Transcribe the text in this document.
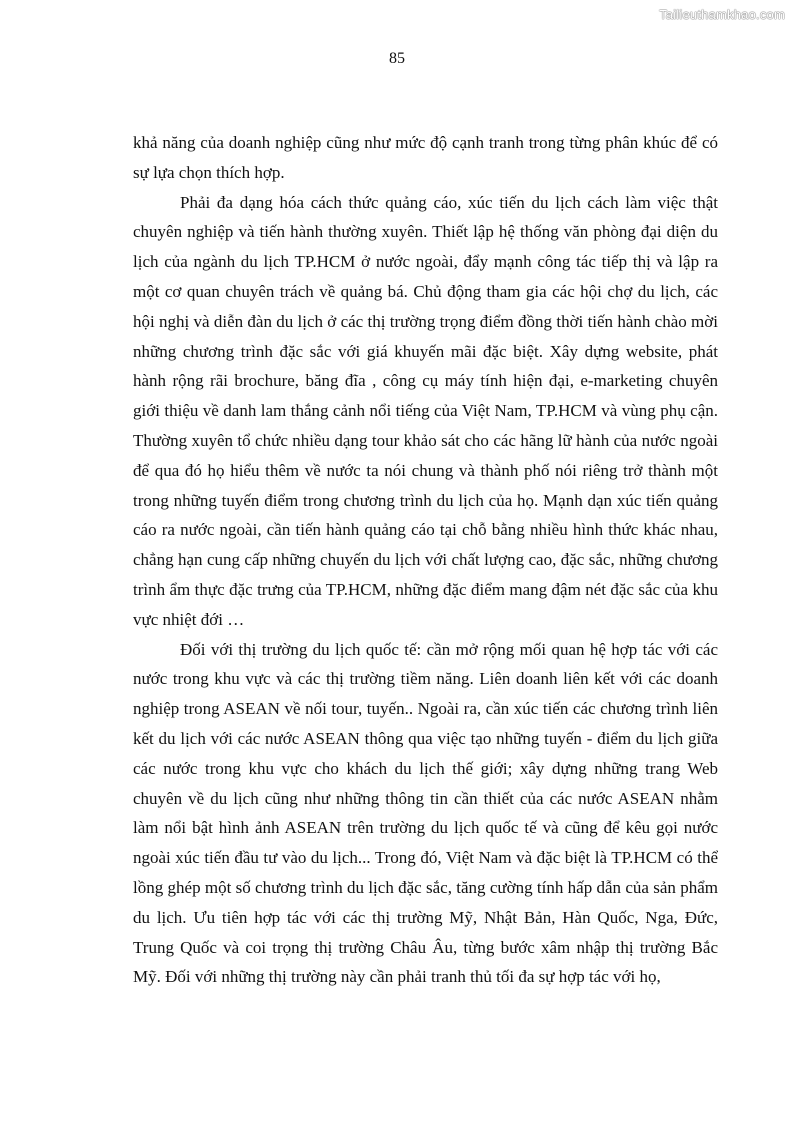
Tailieuthamkhao.com
85

khả năng của doanh nghiệp cũng như mức độ cạnh tranh trong từng phân khúc để có sự lựa chọn thích hợp.

Phải đa dạng hóa cách thức quảng cáo, xúc tiến du lịch cách làm việc thật chuyên nghiệp và tiến hành thường xuyên. Thiết lập hệ thống văn phòng đại diện du lịch của ngành du lịch TP.HCM ở nước ngoài, đẩy mạnh công tác tiếp thị và lập ra một cơ quan chuyên trách về quảng bá. Chủ động tham gia các hội chợ du lịch, các hội nghị và diễn đàn du lịch ở các thị trường trọng điểm đồng thời tiến hành chào mời những chương trình đặc sắc với giá khuyến mãi đặc biệt. Xây dựng website, phát hành rộng rãi brochure, băng đĩa , công cụ máy tính hiện đại, e-marketing chuyên giới thiệu về danh lam thắng cảnh nổi tiếng của Việt Nam, TP.HCM và vùng phụ cận. Thường xuyên tổ chức nhiều dạng tour khảo sát cho các hãng lữ hành của nước ngoài để qua đó họ hiểu thêm về nước ta nói chung và thành phố nói riêng trở thành một trong những tuyến điểm trong chương trình du lịch của họ. Mạnh dạn xúc tiến quảng cáo ra nước ngoài, cần tiến hành quảng cáo tại chỗ bằng nhiều hình thức khác nhau, chẳng hạn cung cấp những chuyến du lịch với chất lượng cao, đặc sắc, những chương trình ẩm thực đặc trưng của TP.HCM, những đặc điểm mang đậm nét đặc sắc của khu vực nhiệt đới …

Đối với thị trường du lịch quốc tế: cần mở rộng mối quan hệ hợp tác với các nước trong khu vực và các thị trường tiềm năng. Liên doanh liên kết với các doanh nghiệp trong ASEAN về nối tour, tuyến.. Ngoài ra, cần xúc tiến các chương trình liên kết du lịch với các nước ASEAN thông qua việc tạo những tuyến - điểm du lịch giữa các nước trong khu vực cho khách du lịch thế giới; xây dựng những trang Web chuyên về du lịch cũng như những thông tin cần thiết của các nước ASEAN nhằm làm nổi bật hình ảnh ASEAN trên trường du lịch quốc tế và cũng để kêu gọi nước ngoài xúc tiến đầu tư vào du lịch... Trong đó, Việt Nam và đặc biệt là TP.HCM có thể lồng ghép một số chương trình du lịch đặc sắc, tăng cường tính hấp dẫn của sản phẩm du lịch. Ưu tiên hợp tác với các thị trường Mỹ, Nhật Bản, Hàn Quốc, Nga, Đức, Trung Quốc và coi trọng thị trường Châu Âu, từng bước xâm nhập thị trường Bắc Mỹ. Đối với những thị trường này cần phải tranh thủ tối đa sự hợp tác với họ,
